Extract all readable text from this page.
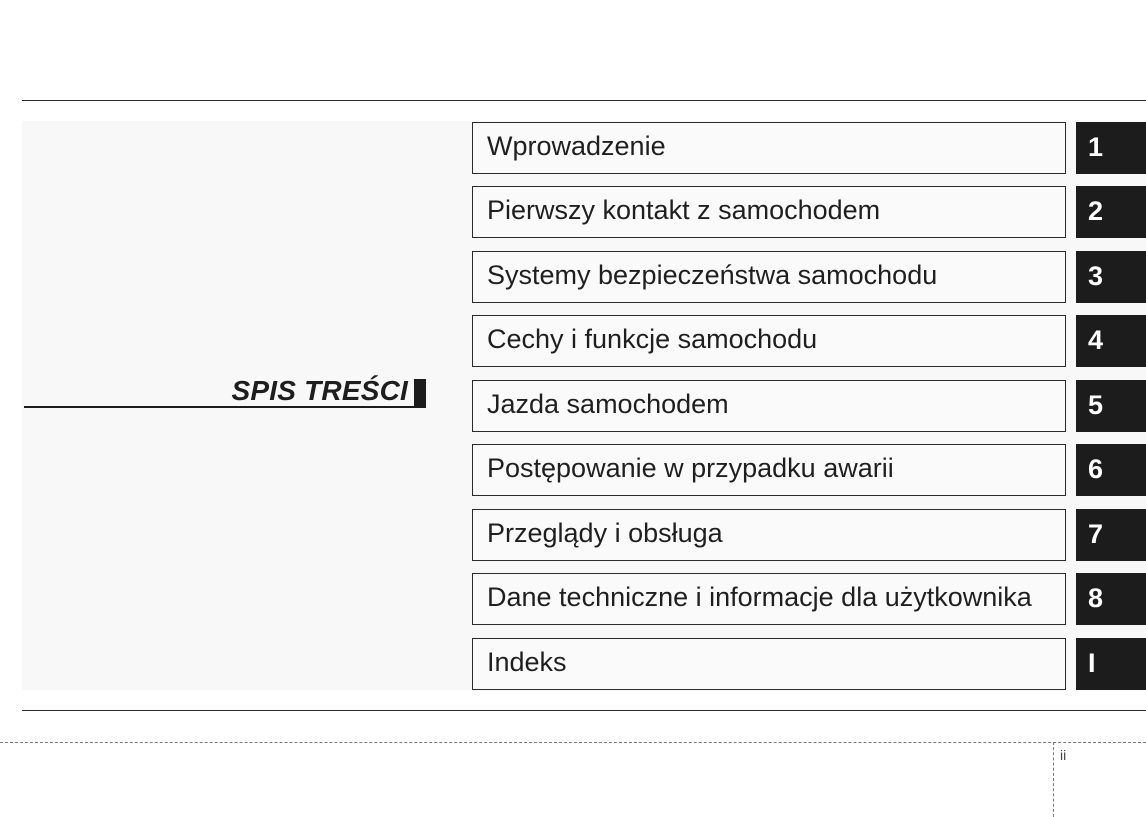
SPIS TREŚCI
Wprowadzenie	1
Pierwszy kontakt z samochodem	2
Systemy bezpieczeństwa samochodu	3
Cechy i funkcje samochodu	4
Jazda samochodem	5
Postępowanie w przypadku awarii	6
Przeglądy i obsługa	7
Dane techniczne i informacje dla użytkownika	8
Indeks	I
ii
